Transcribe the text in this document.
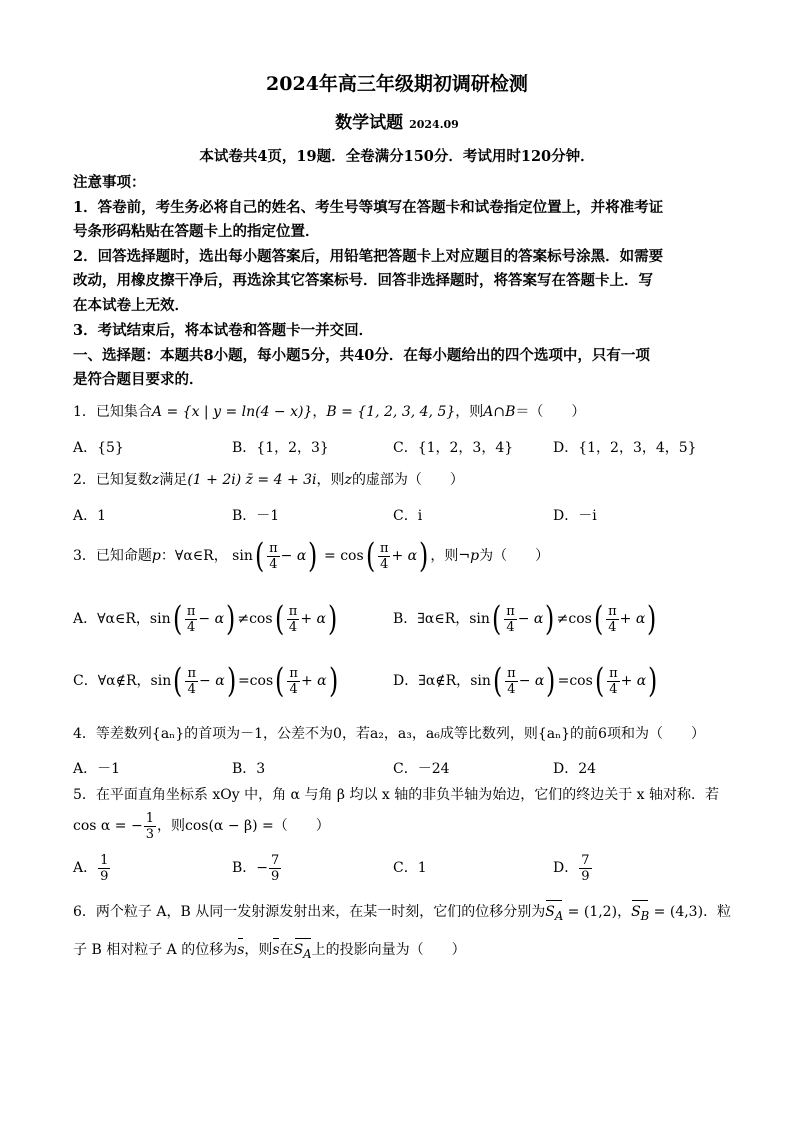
2024年高三年级期初调研检测
数学试题 2024.09
本试卷共4页，19题．全卷满分150分．考试用时120分钟．
注意事项：
1．答卷前，考生务必将自己的姓名、考生号等填写在答题卡和试卷指定位置上，并将准考证
号条形码粘贴在答题卡上的指定位置．
2．回答选择题时，选出每小题答案后，用铅笔把答题卡上对应题目的答案标号涂黑．如需要
改动，用橡皮擦干净后，再选涂其它答案标号．回答非选择题时，将答案写在答题卡上．写
在本试卷上无效．
3．考试结束后，将本试卷和答题卡一并交回．
一、选择题：本题共8小题，每小题5分，共40分．在每小题给出的四个选项中，只有一项
是符合题目要求的．
1．已知集合A = {x | y = ln(4 − x)}，B = {1, 2, 3, 4, 5}，则A∩B＝（　　）
A．{5}	B．{1，2，3}	C．{1，2，3，4}	D．{1，2，3，4，5}
2．已知复数z满足(1 + 2i) z̄ = 4 + 3i，则z的虚部为（　　）
A．1	B．－1	C．i	D．－i
3．已知命题p：∀α∈R， $\sin( \frac{\pi}{4} - \alpha) = \cos( \frac{\pi}{4} + \alpha)$ ，则¬p为（　　）
A．∀α∈R，$\sin( \frac{\pi}{4} - \alpha) \ne\cos( \frac{\pi}{4} + \alpha)$	B．∃α∈R，$\sin( \frac{\pi}{4} - \alpha) \ne\cos( \frac{\pi}{4} + \alpha)$
C．∀α∉R，$\sin( \frac{\pi}{4} - \alpha) =\cos( \frac{\pi}{4} + \alpha)$	D．∃α∉R，$\sin( \frac{\pi}{4} - \alpha) =\cos( \frac{\pi}{4} + \alpha)$
4．等差数列{aₙ}的首项为－1，公差不为0，若a₂，a₃，a₆成等比数列，则{aₙ}的前6项和为（　　）
A．－1	B．3	C．－24	D．24
5．在平面直角坐标系 xOy 中，角 α 与角 β 均以 x 轴的非负半轴为始边，它们的终边关于 x 轴对称．若
cos α = − $\frac{1}{3}$ ，则cos(α − β) =（　　）
A． $\frac{1}{9}$	B．− $\frac{7}{9}$	C．1	D． $\frac{7}{9}$
6．两个粒子 A，B 从同一发射源发射出来，在某一时刻，它们的位移分别为$S_A = (1,2)$，$S_B = (4,3)$．粒
子 B 相对粒子 A 的位移为s，则s在$S_A$上的投影向量为（　　）
